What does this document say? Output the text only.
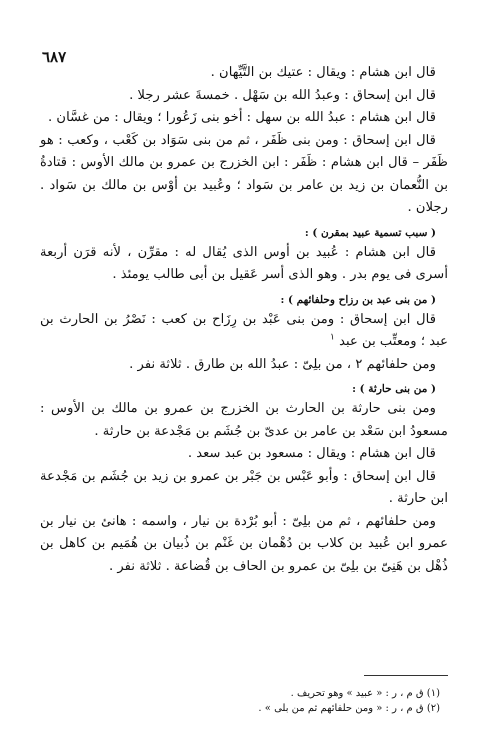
٦٨٧

قال ابن هشام : ويقال : عتيك بن التَّيِّهان .

قال ابن إسحاق : وعبدُ الله بن سَهْل . خمسةَ عشر رجلا .

قال ابن هشام : عبدُ الله بن سهل : أخو بنى زَعُورا ؛ ويقال : من غسَّان .

قال ابن إسحاق : ومن بنى ظَفَر ، ثم من بنى سَوَاد بن كَعْب ، وكعب : هو ظَفَر – قال ابن هشام : ظَفَر : ابن الخزرج بن عمرو بن مالك الأوس : قتادةُ بن النُّعمان بن زيد بن عامر بن سَواد ؛ وعُبيد بن أوْس بن مالك بن سَواد . رجلان .

( سبب تسمية عبيد بمقرن ) :

قال ابن هشام : عُبيد بن أوس الذى يُقال له : مقرِّن ، لأنه قرَن أربعة أسرى فى يوم بدر . وهو الذى أسر عَقيل بن أبى طالب يومئذ .

( من بنى عبد بن رزاح وحلفائهم ) :

قال ابن إسحاق : ومن بنى عَبْد بن رِزَاح بن كعب : نَصْرُ بن الحارث بن عبد ؛ ومعتِّب بن عبد $^١$

ومن حلفائهم ٢ ، من بلِىّ : عبدُ الله بن طارق . ثلاثة نفر .

( من بنى حارثة ) :

ومن بنى حارثة بن الحارث بن الخزرج بن عمرو بن مالك بن الأوس : مسعودُ ابن سَعْد بن عامر بن عدىّ بن جُشَم بن مَجْدعة بن حارثة .

قال ابن هشام : ويقال : مسعود بن عبد سعد .

قال ابن إسحاق : وأبو عَبْس بن جَبْر بن عمرو بن زيد بن جُشَم بن مَجْدعة ابن حارثة .

ومن حلفائهم ، ثم من بلِىّ : أبو بُرْدة بن نيار ، واسمه : هانئ بن نيار بن عمرو ابن عُبيد بن كلاب بن دُهْمان بن غَنْم بن ذُبيان بن هُمَيم بن كاهل بن ذُهْل بن هَنِىّ بن بلِىّ بن عمرو بن الحاف بن قُضاعة . ثلاثة نفر .

(١) ق م ، ر : « عبيد » وهو تحريف .
(٢) ق م ، ر : « ومن حلفائهم ثم من بلى » .
